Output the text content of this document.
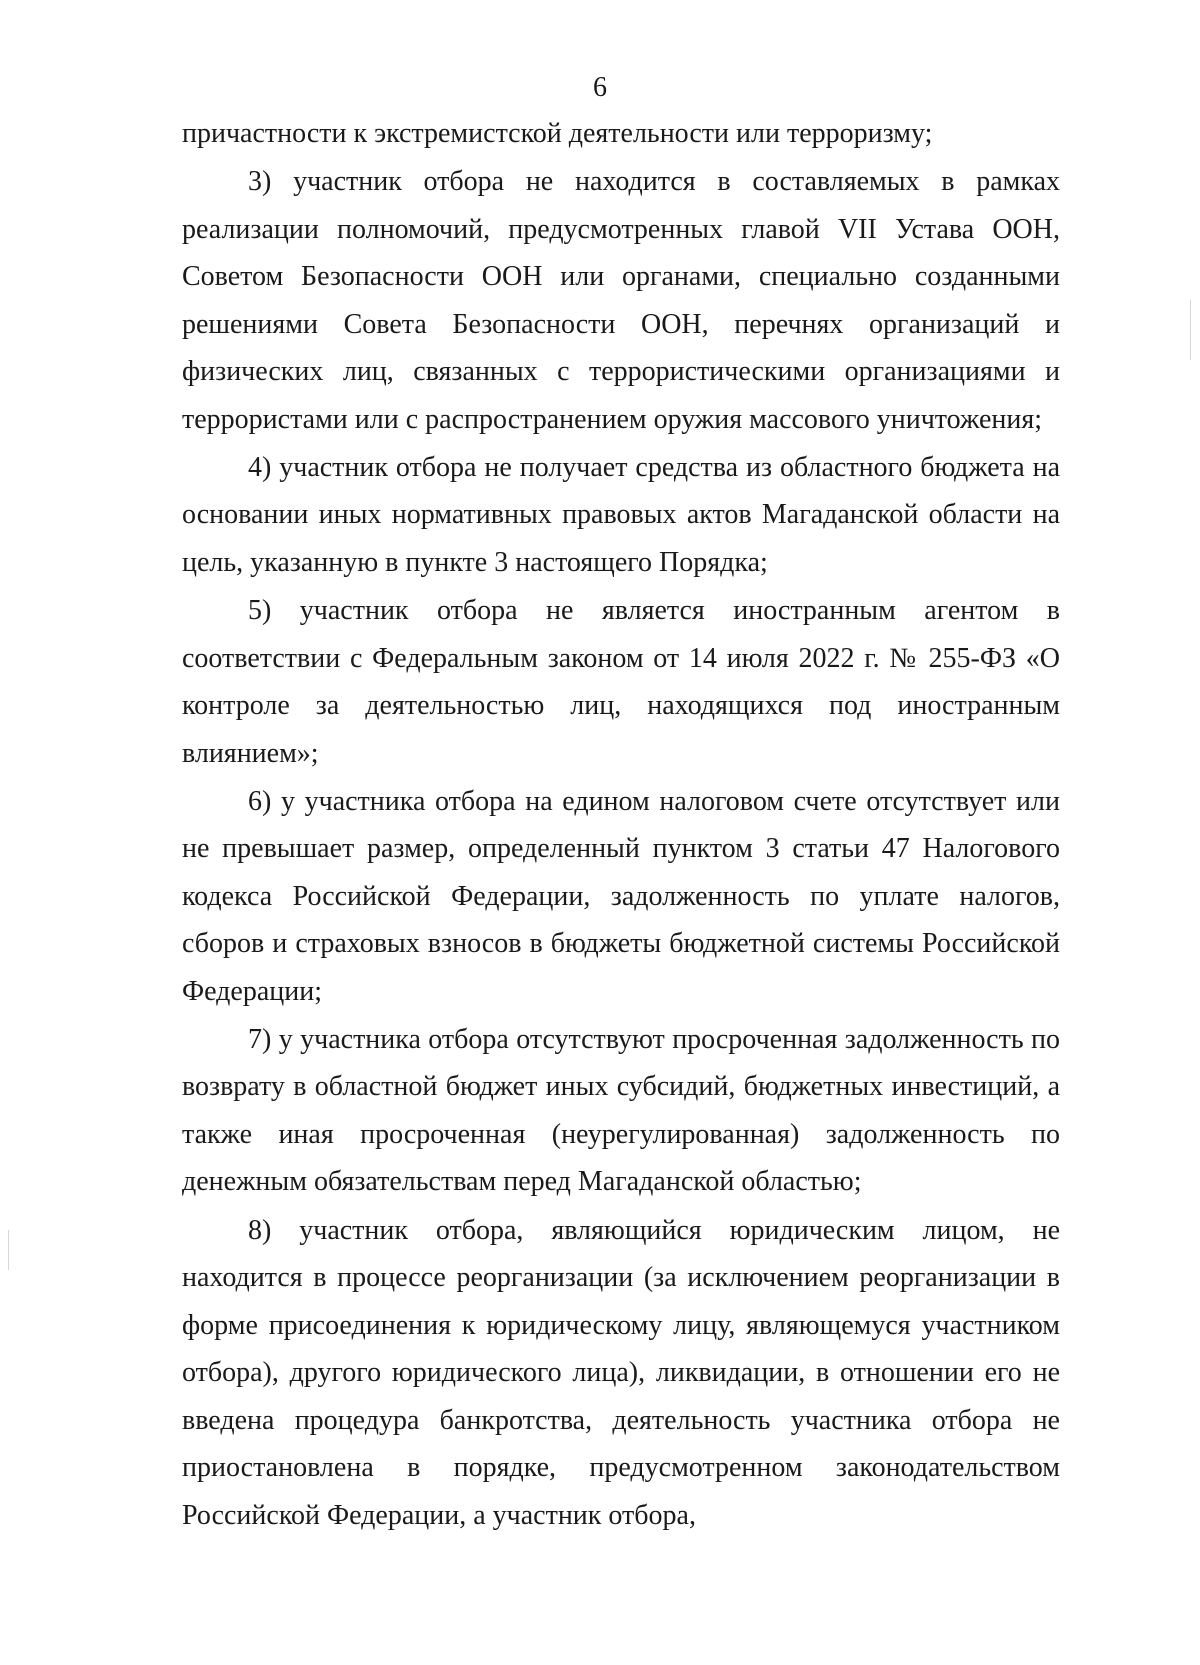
6

причастности к экстремистской деятельности или терроризму;

3) участник отбора не находится в составляемых в рамках реализации полномочий, предусмотренных главой VII Устава ООН, Советом Безопасности ООН или органами, специально созданными решениями Совета Безопасности ООН, перечнях организаций и физических лиц, связанных с террористическими организациями и террористами или с распространением оружия массового уничтожения;

4) участник отбора не получает средства из областного бюджета на основании иных нормативных правовых актов Магаданской области на цель, указанную в пункте 3 настоящего Порядка;

5) участник отбора не является иностранным агентом в соответствии с Федеральным законом от 14 июля 2022 г. № 255-ФЗ «О контроле за деятельностью лиц, находящихся под иностранным влиянием»;

6) у участника отбора на едином налоговом счете отсутствует или не превышает размер, определенный пунктом 3 статьи 47 Налогового кодекса Российской Федерации, задолженность по уплате налогов, сборов и страховых взносов в бюджеты бюджетной системы Российской Федерации;

7) у участника отбора отсутствуют просроченная задолженность по возврату в областной бюджет иных субсидий, бюджетных инвестиций, а также иная просроченная (неурегулированная) задолженность по денежным обязательствам перед Магаданской областью;

8) участник отбора, являющийся юридическим лицом, не находится в процессе реорганизации (за исключением реорганизации в форме присоединения к юридическому лицу, являющемуся участником отбора), другого юридического лица), ликвидации, в отношении его не введена процедура банкротства, деятельность участника отбора не приостановлена в порядке, предусмотренном законодательством Российской Федерации, а участник отбора,
